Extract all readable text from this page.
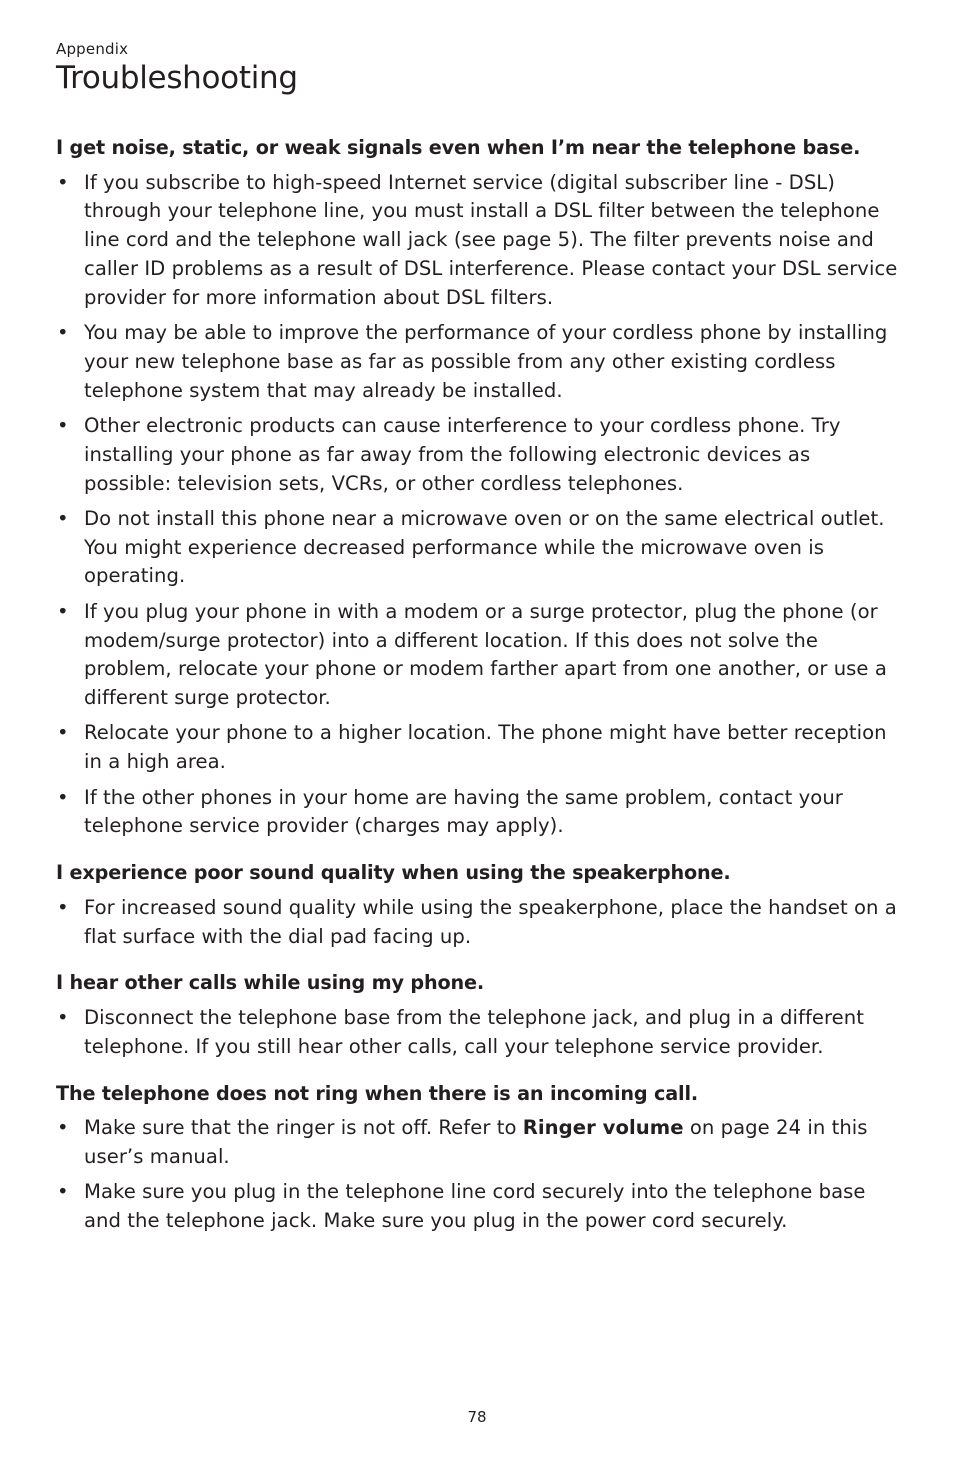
Appendix
Troubleshooting
I get noise, static, or weak signals even when I’m near the telephone base.
• If you subscribe to high-speed Internet service (digital subscriber line - DSL) through your telephone line, you must install a DSL filter between the telephone line cord and the telephone wall jack (see page 5). The filter prevents noise and caller ID problems as a result of DSL interference. Please contact your DSL service provider for more information about DSL filters.
• You may be able to improve the performance of your cordless phone by installing your new telephone base as far as possible from any other existing cordless telephone system that may already be installed.
• Other electronic products can cause interference to your cordless phone. Try installing your phone as far away from the following electronic devices as possible: television sets, VCRs, or other cordless telephones.
• Do not install this phone near a microwave oven or on the same electrical outlet. You might experience decreased performance while the microwave oven is operating.
• If you plug your phone in with a modem or a surge protector, plug the phone (or modem/surge protector) into a different location. If this does not solve the problem, relocate your phone or modem farther apart from one another, or use a different surge protector.
• Relocate your phone to a higher location. The phone might have better reception in a high area.
• If the other phones in your home are having the same problem, contact your telephone service provider (charges may apply).
I experience poor sound quality when using the speakerphone.
• For increased sound quality while using the speakerphone, place the handset on a flat surface with the dial pad facing up.
I hear other calls while using my phone.
• Disconnect the telephone base from the telephone jack, and plug in a different telephone. If you still hear other calls, call your telephone service provider.
The telephone does not ring when there is an incoming call.
• Make sure that the ringer is not off. Refer to Ringer volume on page 24 in this user’s manual.
• Make sure you plug in the telephone line cord securely into the telephone base and the telephone jack. Make sure you plug in the power cord securely.
78
